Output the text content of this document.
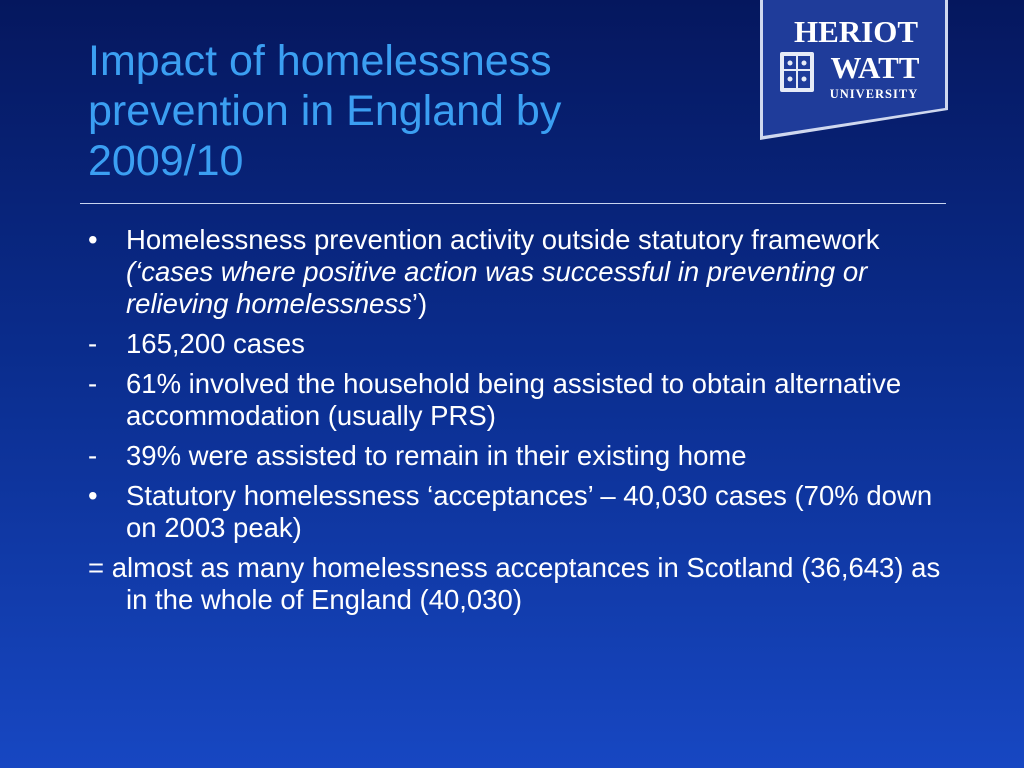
Impact of homelessness prevention in England by 2009/10
HERIOT
WATT
UNIVERSITY
•	Homelessness prevention activity outside statutory framework (‘cases where positive action was successful in preventing or relieving homelessness’)
-	165,200 cases
-	61% involved the household being assisted to obtain alternative accommodation (usually PRS)
-	39% were assisted to remain in their existing home
•	Statutory homelessness ‘acceptances’ – 40,030 cases (70% down on 2003 peak)
= almost as many homelessness acceptances in Scotland (36,643) as in the whole of England (40,030)
